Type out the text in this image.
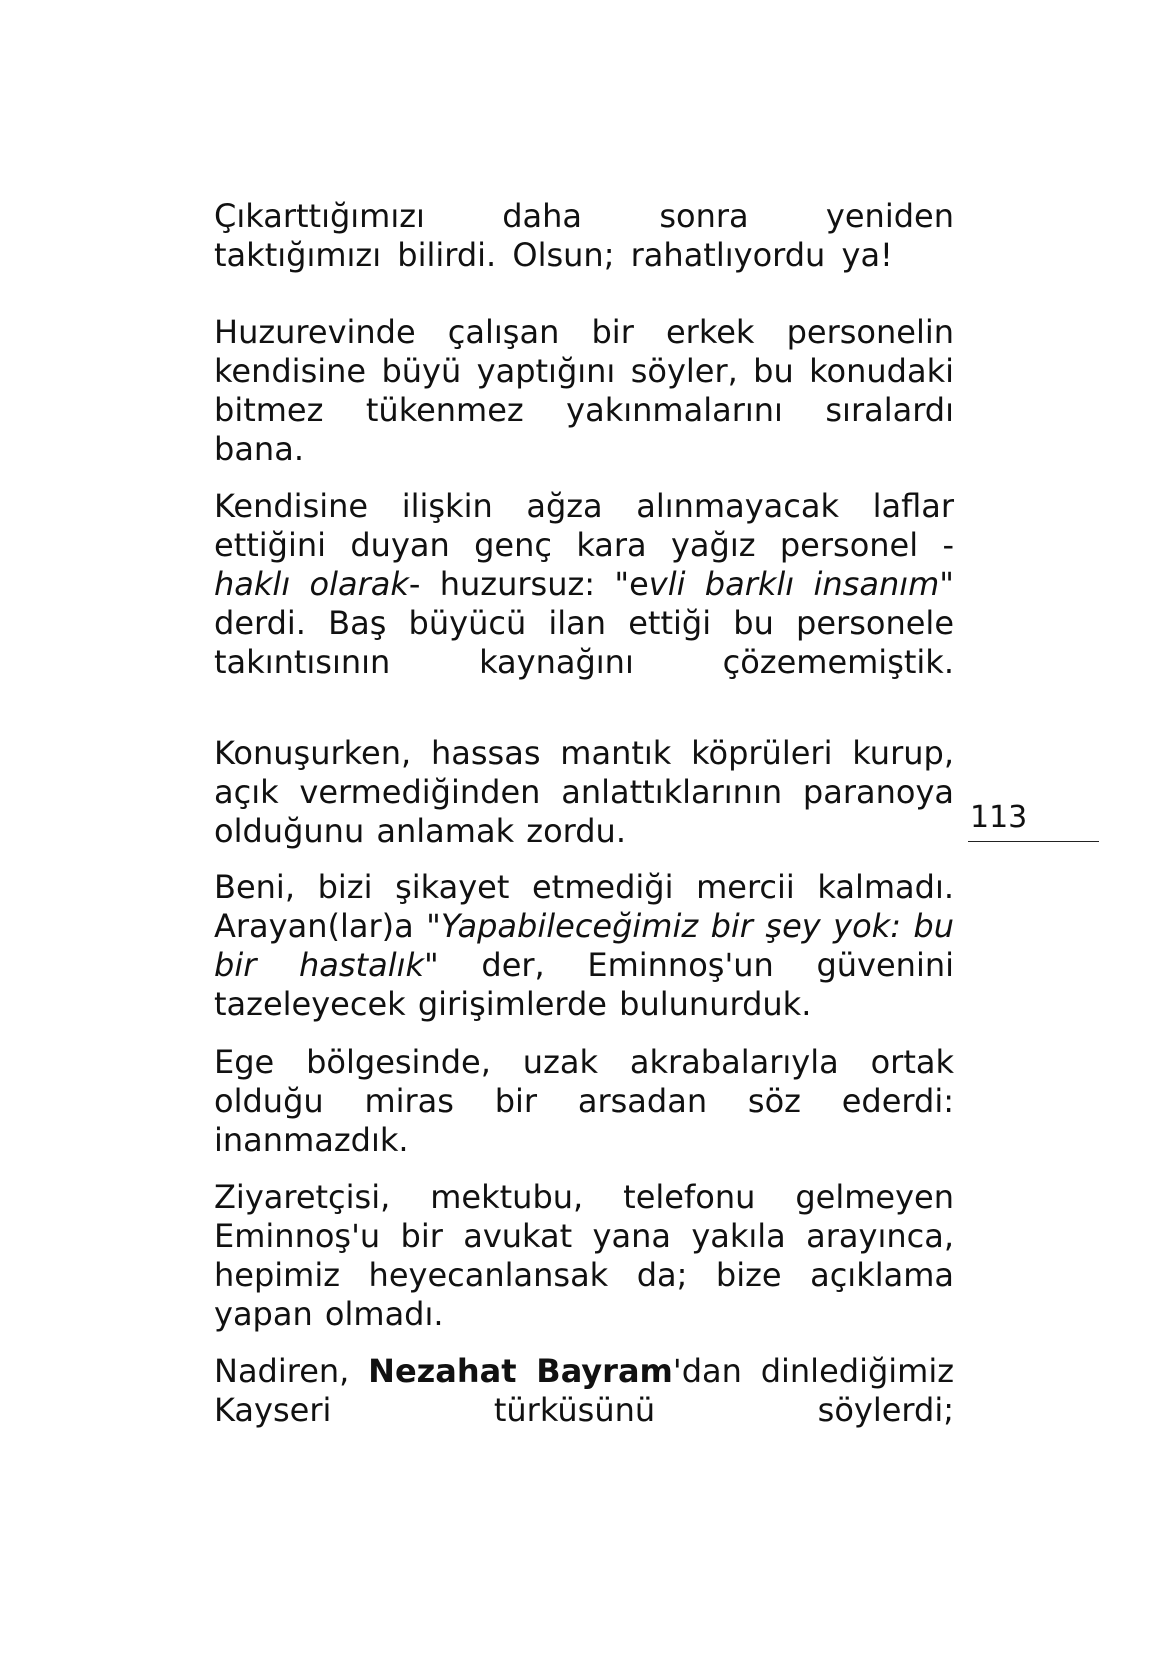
Çıkarttığımızı daha sonra yeniden
taktığımızı bilirdi. Olsun; rahatlıyordu ya!

Huzurevinde çalışan bir erkek personelin kendisine büyü yaptığını söyler, bu konudaki bitmez tükenmez yakınmalarını sıralardı bana.

Kendisine ilişkin ağza alınmayacak laflar ettiğini duyan genç kara yağız personel -haklı olarak- huzursuz: "evli barklı insanım" derdi. Baş büyücü ilan ettiği bu personele takıntısının kaynağını çözememiştik.

Konuşurken, hassas mantık köprüleri kurup, açık vermediğinden anlattıklarının paranoya olduğunu anlamak zordu.	113

Beni, bizi şikayet etmediği mercii kalmadı. Arayan(lar)a "Yapabileceğimiz bir şey yok: bu bir hastalık" der, Eminnoş'un güvenini tazeleyecek girişimlerde bulunurdu​k.

Ege bölgesinde, uzak akrabalarıyla ortak olduğu miras bir arsadan söz ederdi: inanmazdık.

Ziyaretçisi, mektubu, telefonu gelmeyen Eminnoş'u bir avukat yana yakıla arayınca, hepimiz heyecanlansak da; bize açıklama yapan olmadı.

Nadiren, Nezahat Bayram'dan dinlediğimiz Kayseri türküsünü söylerdi;
